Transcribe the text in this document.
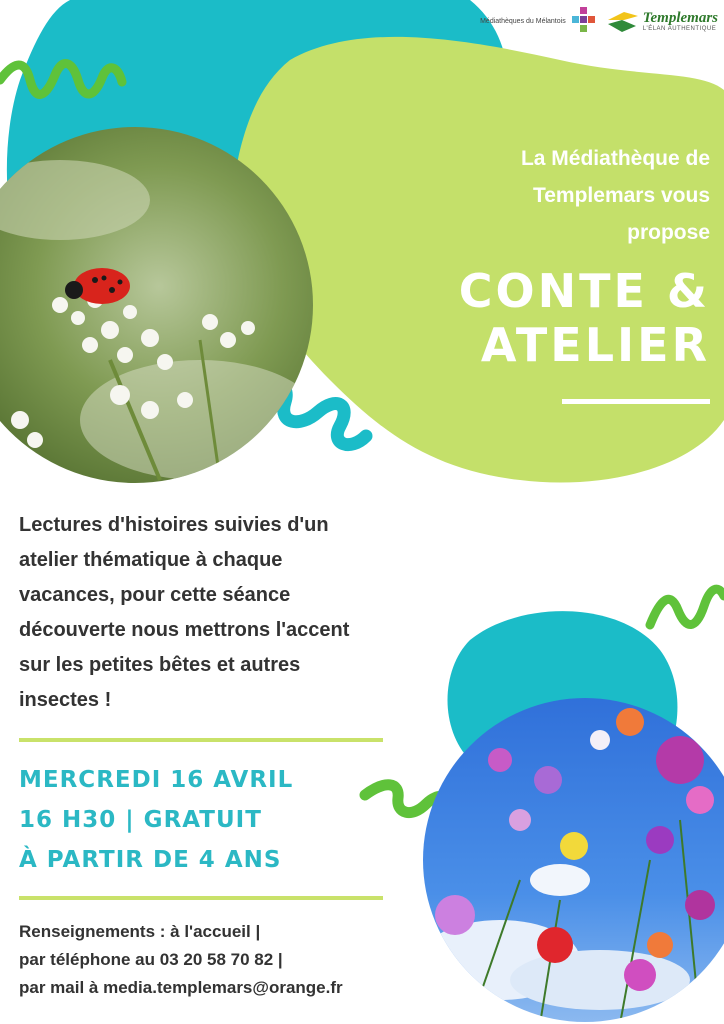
Médiathèques du Mélantois	Templemars
L'ÉLAN AUTHENTIQUE
La Médiathèque de
Templemars vous
propose
CONTE &
ATELIER
Lectures d'histoires suivies d'un
atelier thématique à chaque
vacances, pour cette séance
découverte nous mettrons l'accent
sur les petites bêtes et autres
insectes !
MERCREDI 16 AVRIL
16 H30 | GRATUIT
À PARTIR DE 4 ANS
Renseignements : à l'accueil |
par téléphone au 03 20 58 70 82 |
par mail à media.templemars@orange.fr
